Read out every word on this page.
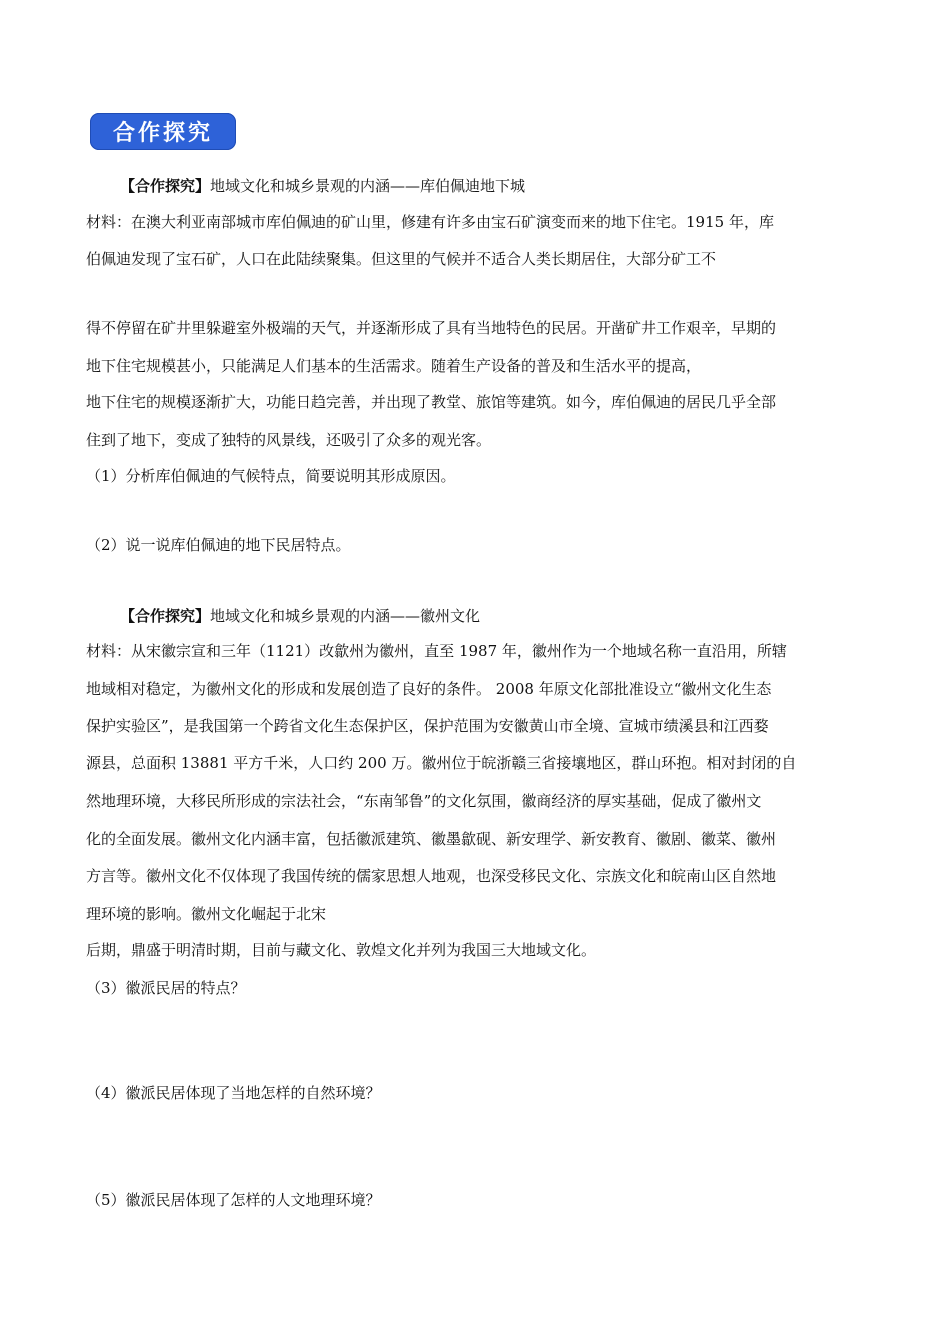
合作探究
【合作探究】地域文化和城乡景观的内涵——库伯佩迪地下城
材料：在澳大利亚南部城市库伯佩迪的矿山里，修建有许多由宝石矿演变而来的地下住宅。1915 年，库
伯佩迪发现了宝石矿，人口在此陆续聚集。但这里的气候并不适合人类长期居住，大部分矿工不
得不停留在矿井里躲避室外极端的天气，并逐渐形成了具有当地特色的民居。开凿矿井工作艰辛，早期的
地下住宅规模甚小，只能满足人们基本的生活需求。随着生产设备的普及和生活水平的提高，
地下住宅的规模逐渐扩大，功能日趋完善，并出现了教堂、旅馆等建筑。如今，库伯佩迪的居民几乎全部
住到了地下，变成了独特的风景线，还吸引了众多的观光客。
（1）分析库伯佩迪的气候特点，简要说明其形成原因。
（2）说一说库伯佩迪的地下民居特点。
【合作探究】地域文化和城乡景观的内涵——徽州文化
材料：从宋徽宗宣和三年（1121）改歙州为徽州，直至 1987 年，徽州作为一个地域名称一直沿用，所辖
地域相对稳定，为徽州文化的形成和发展创造了良好的条件。 2008 年原文化部批准设立“徽州文化生态
保护实验区”，是我国第一个跨省文化生态保护区，保护范围为安徽黄山市全境、宣城市绩溪县和江西婺
源县，总面积 13881 平方千米，人口约 200 万。徽州位于皖浙赣三省接壤地区，群山环抱。相对封闭的自
然地理环境，大移民所形成的宗法社会，“东南邹鲁”的文化氛围，徽商经济的厚实基础，促成了徽州文
化的全面发展。徽州文化内涵丰富，包括徽派建筑、徽墨歙砚、新安理学、新安教育、徽剧、徽菜、徽州
方言等。徽州文化不仅体现了我国传统的儒家思想人地观，也深受移民文化、宗族文化和皖南山区自然地
理环境的影响。徽州文化崛起于北宋
后期，鼎盛于明清时期，目前与藏文化、敦煌文化并列为我国三大地域文化。
（3）徽派民居的特点？
（4）徽派民居体现了当地怎样的自然环境？
（5）徽派民居体现了怎样的人文地理环境？
